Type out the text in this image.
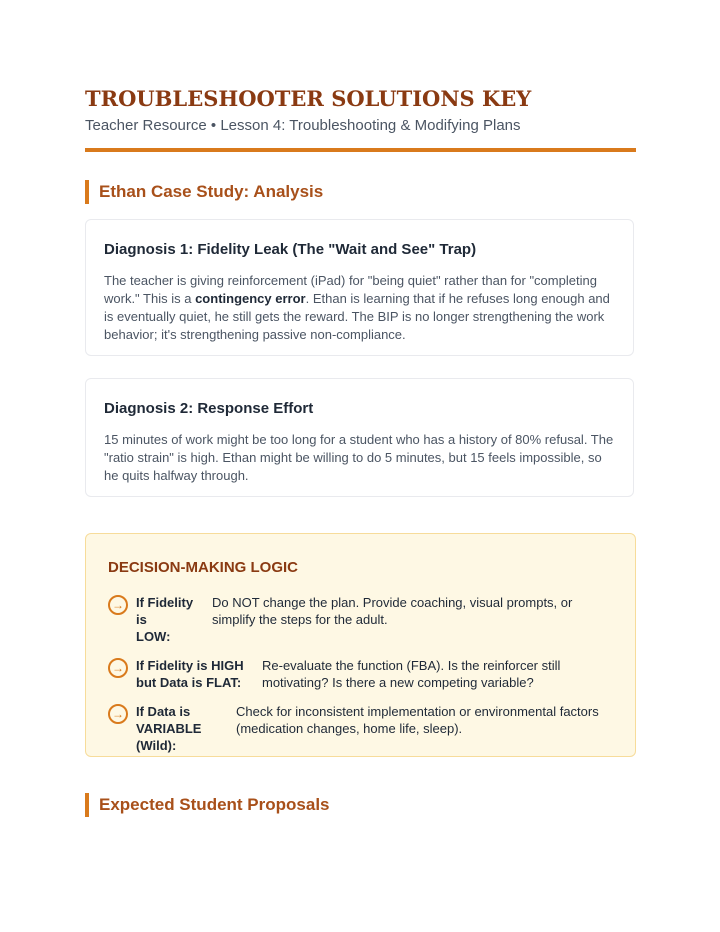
TROUBLESHOOTER SOLUTIONS KEY
Teacher Resource • Lesson 4: Troubleshooting & Modifying Plans
Ethan Case Study: Analysis
Diagnosis 1: Fidelity Leak (The "Wait and See" Trap)

The teacher is giving reinforcement (iPad) for "being quiet" rather than for "completing work." This is a contingency error. Ethan is learning that if he refuses long enough and is eventually quiet, he still gets the reward. The BIP is no longer strengthening the work behavior; it's strengthening passive non-compliance.

Diagnosis 2: Response Effort

15 minutes of work might be too long for a student who has a history of 80% refusal. The "ratio strain" is high. Ethan might be willing to do 5 minutes, but 15 feels impossible, so he quits halfway through.

DECISION-MAKING LOGIC
→ If Fidelity is
LOW:
Do NOT change the plan. Provide coaching, visual prompts, or simplify the steps for the adult.
→ If Fidelity is HIGH
but Data is FLAT:
Re-evaluate the function (FBA). Is the reinforcer still motivating? Is there a new competing variable?
→ If Data is
VARIABLE
(Wild):
Check for inconsistent implementation or environmental factors (medication changes, home life, sleep).
Expected Student Proposals
